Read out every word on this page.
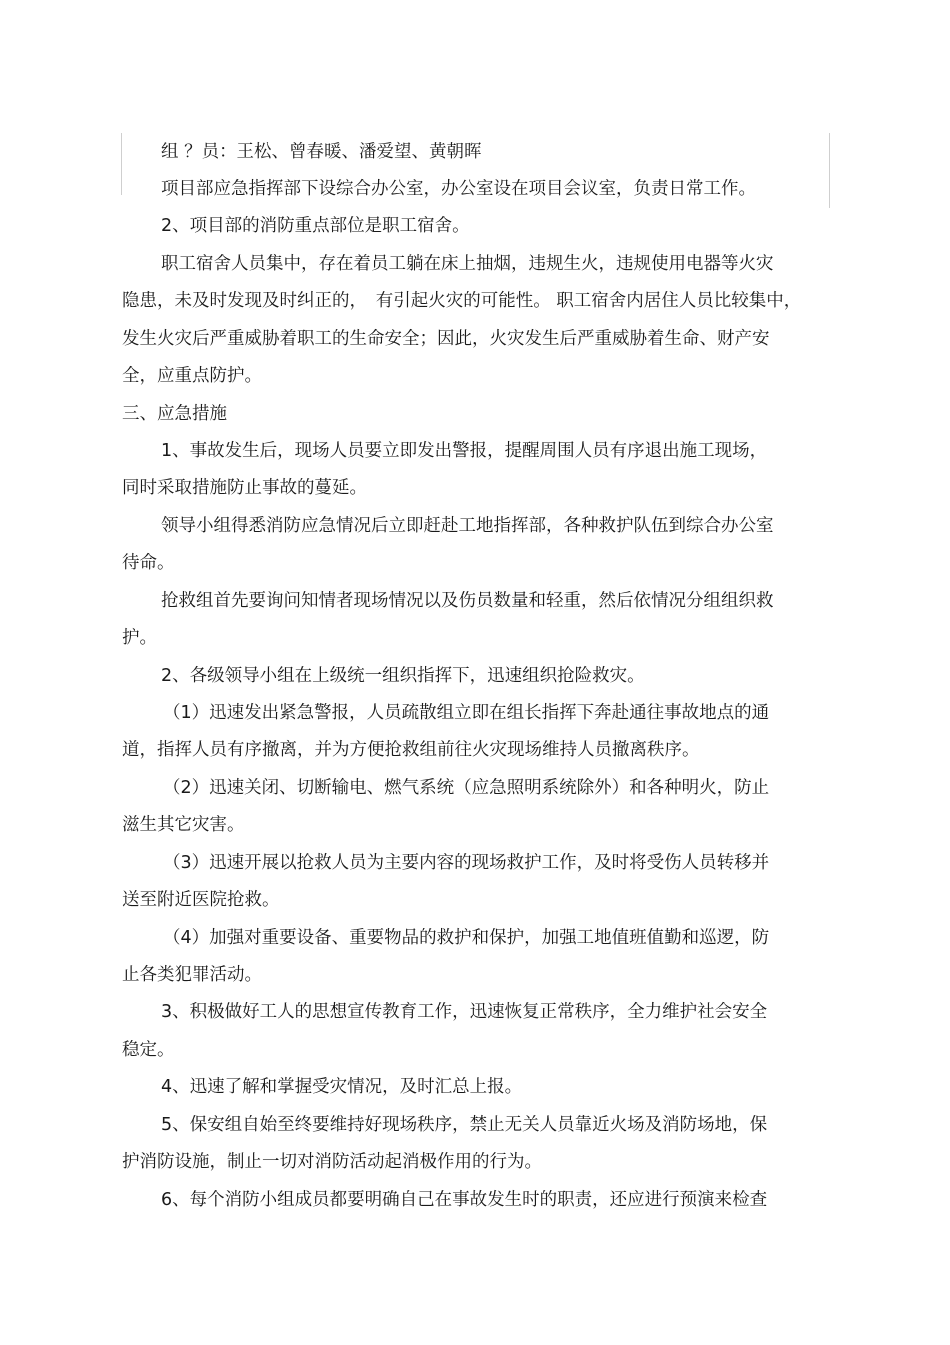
组 ？员：王松、曾春暖、潘爱望、黄朝晖
项目部应急指挥部下设综合办公室，办公室设在项目会议室，负责日常工作。
2、项目部的消防重点部位是职工宿舍。
职工宿舍人员集中，存在着员工躺在床上抽烟，违规生火，违规使用电器等火灾
隐患，未及时发现及时纠正的，　有引起火灾的可能性。 职工宿舍内居住人员比较集中，
发生火灾后严重威胁着职工的生命安全；因此，火灾发生后严重威胁着生命、财产安
全，应重点防护。
三、应急措施
1、事故发生后，现场人员要立即发出警报，提醒周围人员有序退出施工现场，
同时采取措施防止事故的蔓延。
领导小组得悉消防应急情况后立即赶赴工地指挥部，各种救护队伍到综合办公室
待命。
抢救组首先要询问知情者现场情况以及伤员数量和轻重，然后依情况分组组织救
护。
2、各级领导小组在上级统一组织指挥下，迅速组织抢险救灾。
（1）迅速发出紧急警报，人员疏散组立即在组长指挥下奔赴通往事故地点的通
道，指挥人员有序撤离，并为方便抢救组前往火灾现场维持人员撤离秩序。
（2）迅速关闭、切断输电、燃气系统（应急照明系统除外）和各种明火，防止
滋生其它灾害。
（3）迅速开展以抢救人员为主要内容的现场救护工作，及时将受伤人员转移并
送至附近医院抢救。
（4）加强对重要设备、重要物品的救护和保护，加强工地值班值勤和巡逻，防
止各类犯罪活动。
3、积极做好工人的思想宣传教育工作，迅速恢复正常秩序，全力维护社会安全
稳定。
4、迅速了解和掌握受灾情况，及时汇总上报。
5、保安组自始至终要维持好现场秩序，禁止无关人员靠近火场及消防场地，保
护消防设施，制止一切对消防活动起消极作用的行为。
6、每个消防小组成员都要明确自己在事故发生时的职责，还应进行预演来检查
